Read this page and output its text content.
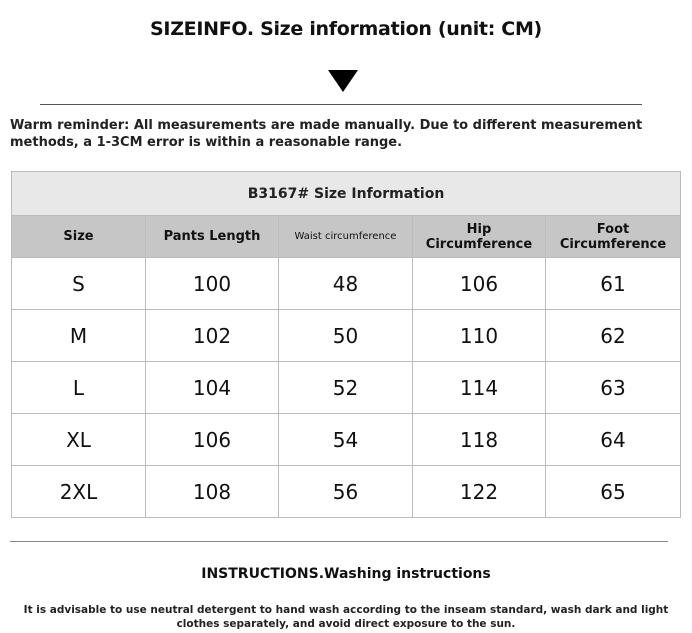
SIZEINFO. Size information (unit: CM)
Warm reminder: All measurements are made manually. Due to different measurement methods, a 1-3CM error is within a reasonable range.
B3167# Size Information				
Size	Pants Length	Waist circumference	Hip Circumference	Foot Circumference
S	100	48	106	61
M	102	50	110	62
L	104	52	114	63
XL	106	54	118	64
2XL	108	56	122	65
INSTRUCTIONS.Washing instructions
It is advisable to use neutral detergent to hand wash according to the inseam standard, wash dark and light clothes separately, and avoid direct exposure to the sun.
